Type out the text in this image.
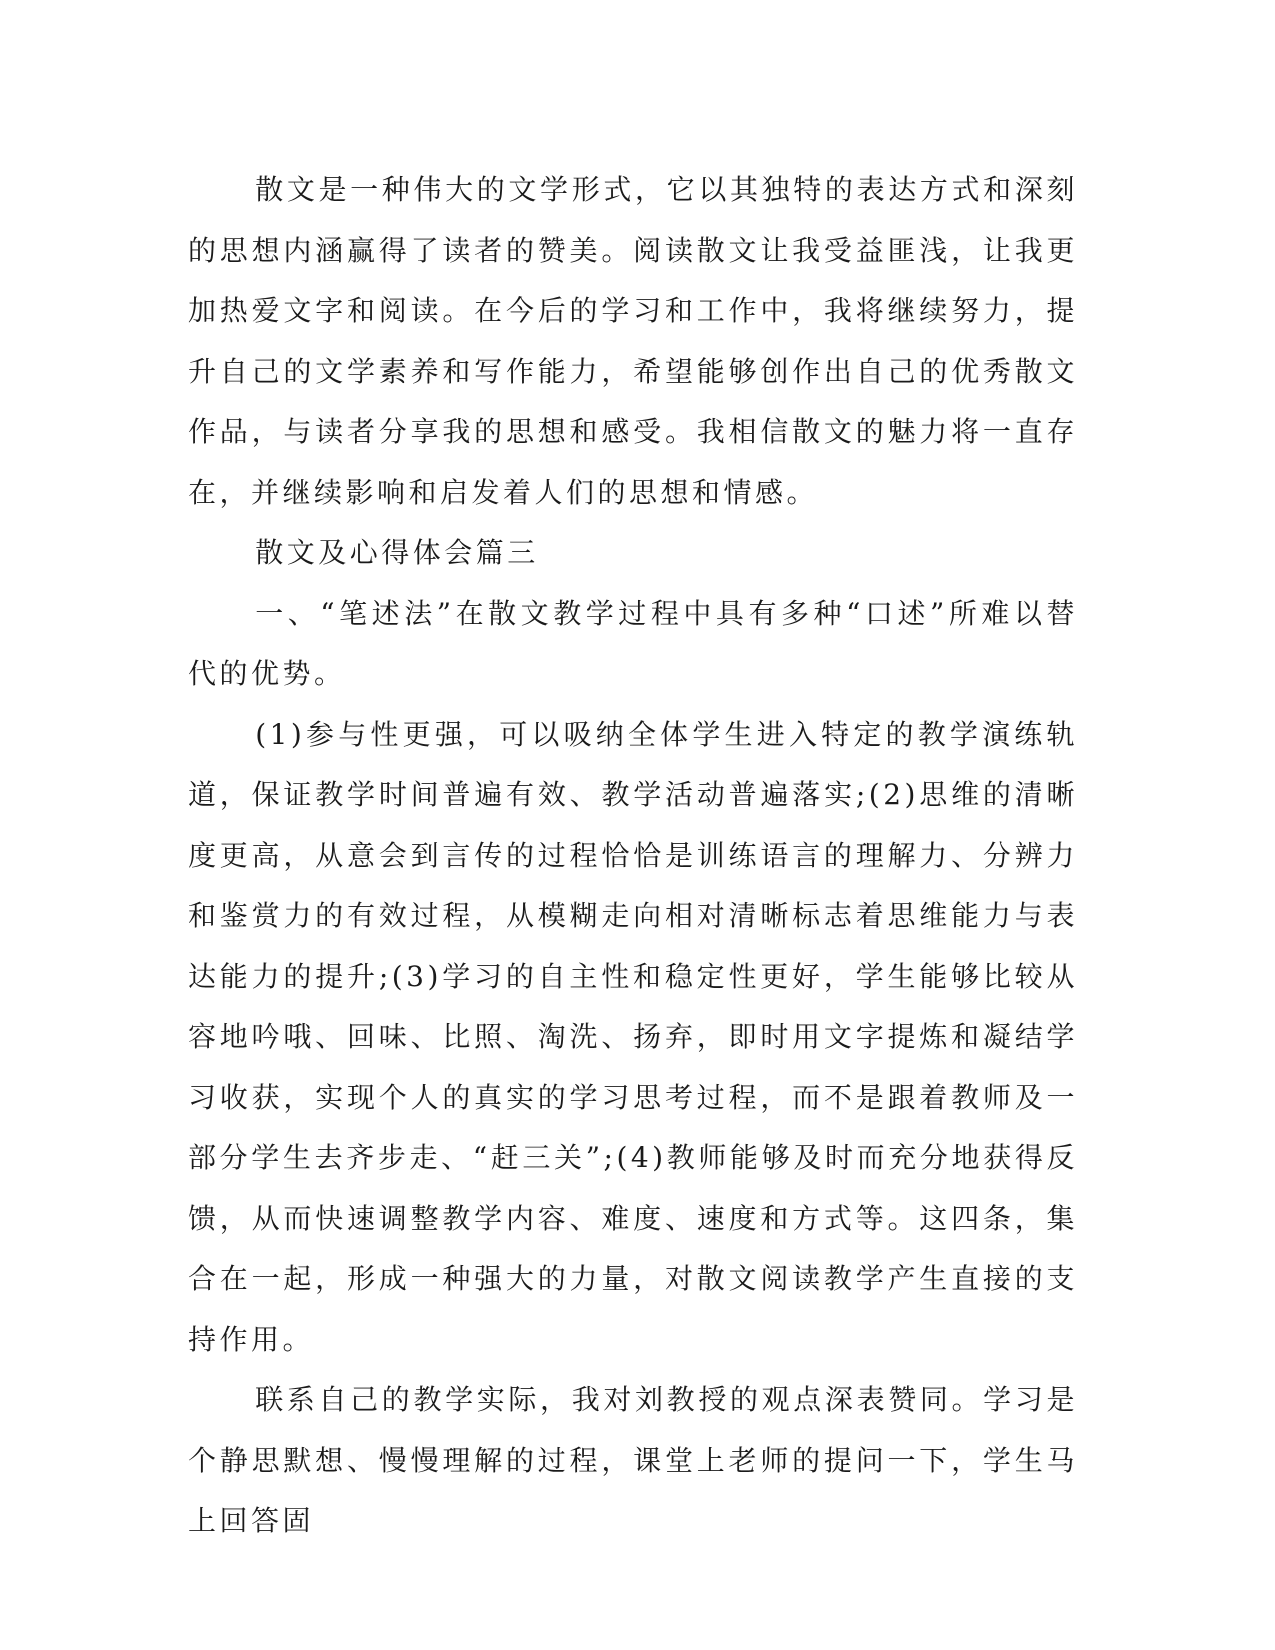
散文是一种伟大的文学形式，它以其独特的表达方式和深刻的思想内涵赢得了读者的赞美。阅读散文让我受益匪浅，让我更加热爱文字和阅读。在今后的学习和工作中，我将继续努力，提升自己的文学素养和写作能力，希望能够创作出自己的优秀散文作品，与读者分享我的思想和感受。我相信散文的魅力将一直存在，并继续影响和启发着人们的思想和情感。

散文及心得体会篇三

一、“笔述法”在散文教学过程中具有多种“口述”所难以替代的优势。

(1)参与性更强，可以吸纳全体学生进入特定的教学演练轨道，保证教学时间普遍有效、教学活动普遍落实;(2)思维的清晰度更高，从意会到言传的过程恰恰是训练语言的理解力、分辨力和鉴赏力的有效过程，从模糊走向相对清晰标志着思维能力与表达能力的提升;(3)学习的自主性和稳定性更好，学生能够比较从容地吟哦、回味、比照、淘洗、扬弃，即时用文字提炼和凝结学习收获，实现个人的真实的学习思考过程，而不是跟着教师及一部分学生去齐步走、“赶三关”;(4)教师能够及时而充分地获得反馈，从而快速调整教学内容、难度、速度和方式等。这四条，集合在一起，形成一种强大的力量，对散文阅读教学产生直接的支持作用。

联系自己的教学实际，我对刘教授的观点深表赞同。学习是个静思默想、慢慢理解的过程，课堂上老师的提问一下，学生马上回答固
